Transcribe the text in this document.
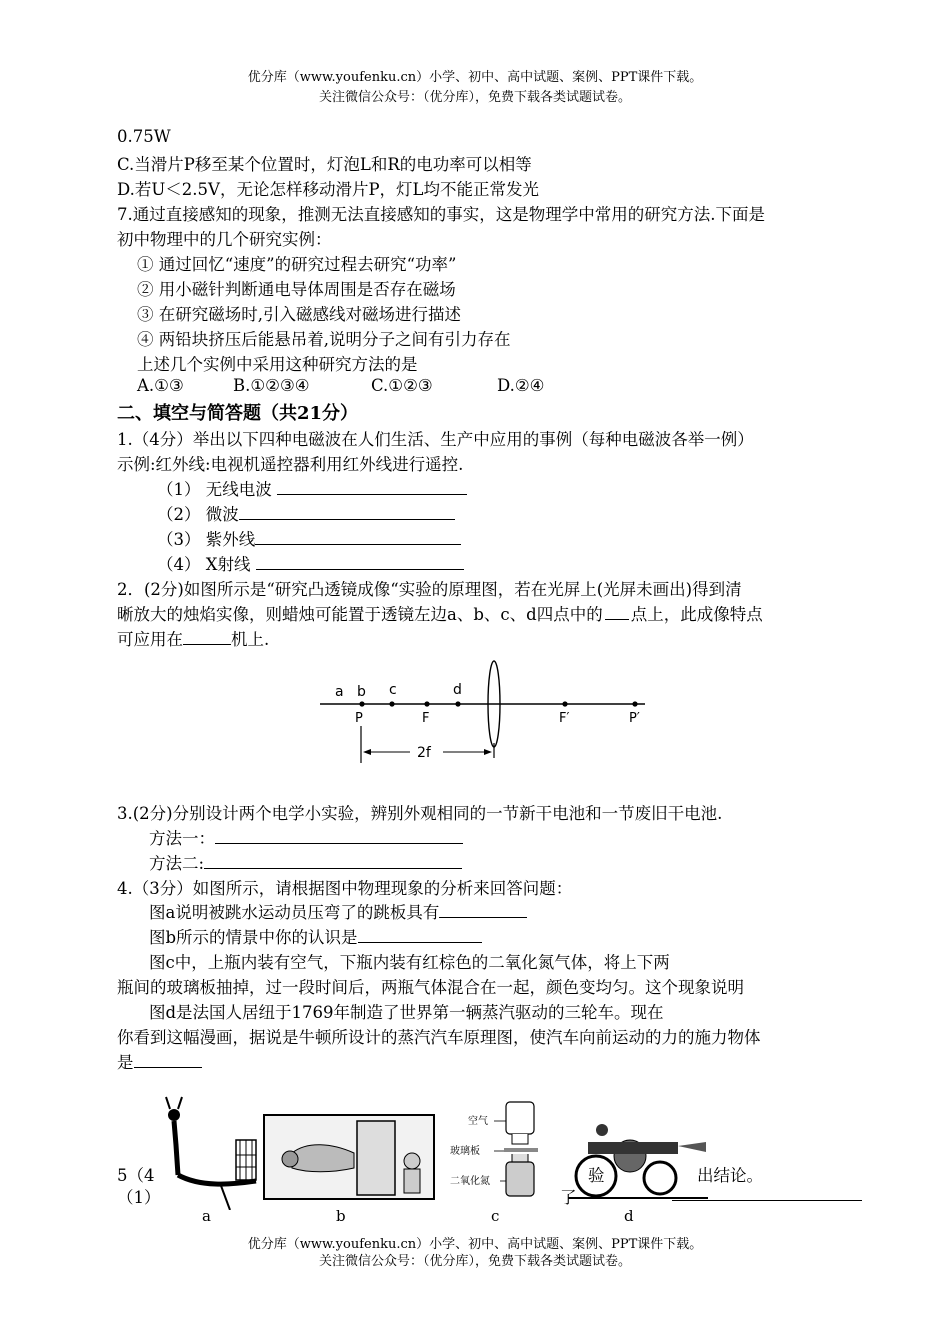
优分库（www.youfenku.cn）小学、初中、高中试题、案例、PPT课件下载。
关注微信公众号：（优分库），免费下载各类试题试卷。
0.75W
C.当滑片P移至某个位置时，灯泡L和R的电功率可以相等
D.若U＜2.5V，无论怎样移动滑片P，灯L均不能正常发光
7.通过直接感知的现象，推测无法直接感知的事实，这是物理学中常用的研究方法.下面是
初中物理中的几个研究实例：
① 通过回忆“速度”的研究过程去研究“功率”
② 用小磁针判断通电导体周围是否存在磁场
③ 在研究磁场时,引入磁感线对磁场进行描述
④ 两铅块挤压后能悬吊着,说明分子之间有引力存在
上述几个实例中采用这种研究方法的是
A.①③	B.①②③④	C.①②③	D.②④
二、填空与简答题（共21分）
1.（4分）举出以下四种电磁波在人们生活、生产中应用的事例（每种电磁波各举一例）
示例:红外线:电视机遥控器利用红外线进行遥控.
（1） 无线电波
（2） 微波
（3） 紫外线
（4） X射线
2．(2分)如图所示是“研究凸透镜成像“实验的原理图，若在光屏上(光屏未画出)得到清
晰放大的烛焰实像，则蜡烛可能置于透镜左边a、b、c、d四点中的 点上，此成像特点
可应用在	机上.
a b c	d
P	F	F′	P′
2f
3.(2分)分别设计两个电学小实验，辨别外观相同的一节新干电池和一节废旧干电池.
方法一：
方法二:
4.（3分）如图所示，请根据图中物理现象的分析来回答问题：
图a说明被跳水运动员压弯了的跳板具有
图b所示的情景中你的认识是
图c中，上瓶内装有空气，下瓶内装有红棕色的二氧化氮气体，将上下两
瓶间的玻璃板抽掉，过一段时间后，两瓶气体混合在一起，颜色变均匀。这个现象说明
图d是法国人居纽于1769年制造了世界第一辆蒸汽驱动的三轮车。现在
你看到这幅漫画，据说是牛顿所设计的蒸汽汽车原理图，使汽车向前运动的力的施力物体
是
5（4
（1）
验	出结论。
了
空气
玻璃板
二氧化氮
a	b	c	d
优分库（www.youfenku.cn）小学、初中、高中试题、案例、PPT课件下载。
关注微信公众号：（优分库），免费下载各类试题试卷。
